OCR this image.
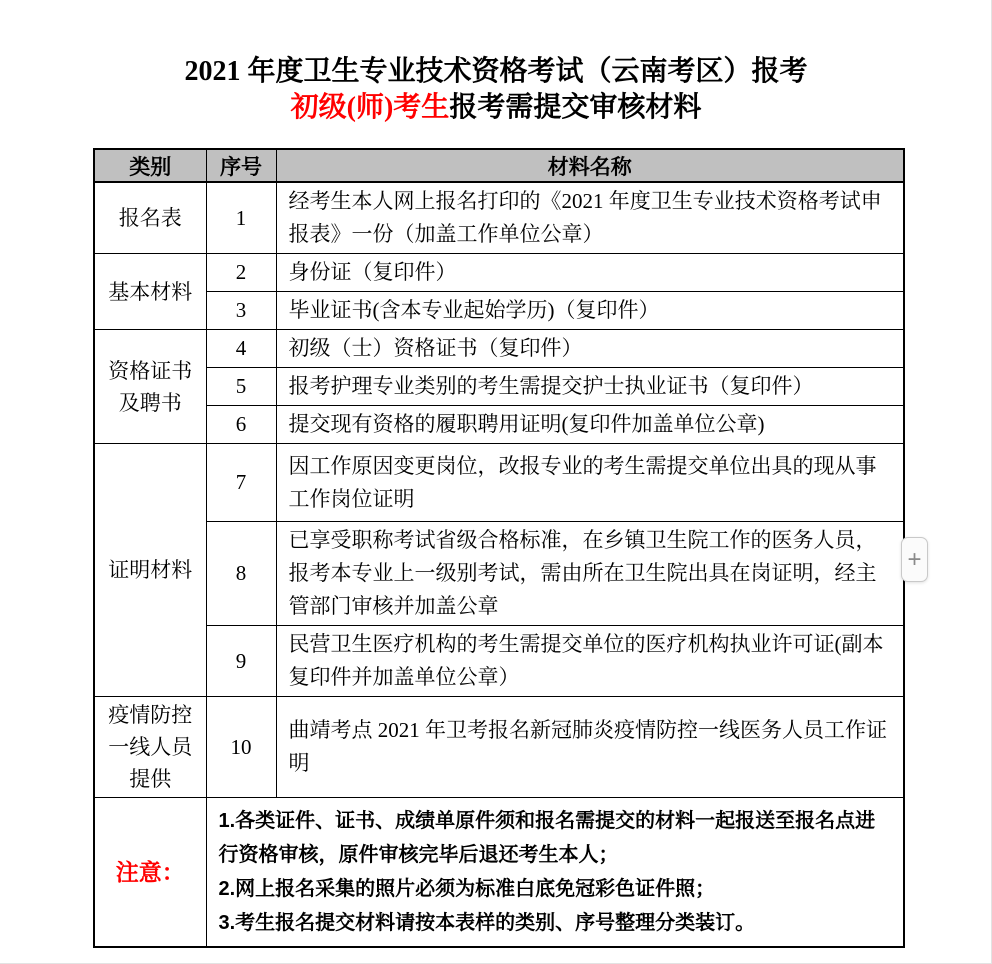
2021 年度卫生专业技术资格考试（云南考区）报考
初级(师)考生报考需提交审核材料
类别	序号	材料名称
报名表	1	经考生本人网上报名打印的《2021 年度卫生专业技术资格考试申报表》一份（加盖工作单位公章）
基本材料	2	身份证（复印件）
	3	毕业证书(含本专业起始学历)（复印件）
资格证书及聘书	4	初级（士）资格证书（复印件）
	5	报考护理专业类别的考生需提交护士执业证书（复印件）
	6	提交现有资格的履职聘用证明(复印件加盖单位公章)
证明材料	7	因工作原因变更岗位，改报专业的考生需提交单位出具的现从事工作岗位证明
	8	已享受职称考试省级合格标准，在乡镇卫生院工作的医务人员，报考本专业上一级别考试，需由所在卫生院出具在岗证明，经主管部门审核并加盖公章
	9	民营卫生医疗机构的考生需提交单位的医疗机构执业许可证(副本复印件并加盖单位公章）
疫情防控一线人员提供	10	曲靖考点 2021 年卫考报名新冠肺炎疫情防控一线医务人员工作证明
注意：	1.各类证件、证书、成绩单原件须和报名需提交的材料一起报送至报名点进行资格审核，原件审核完毕后退还考生本人；
2.网上报名采集的照片必须为标准白底免冠彩色证件照；
3.考生报名提交材料请按本表样的类别、序号整理分类装订。	
+
